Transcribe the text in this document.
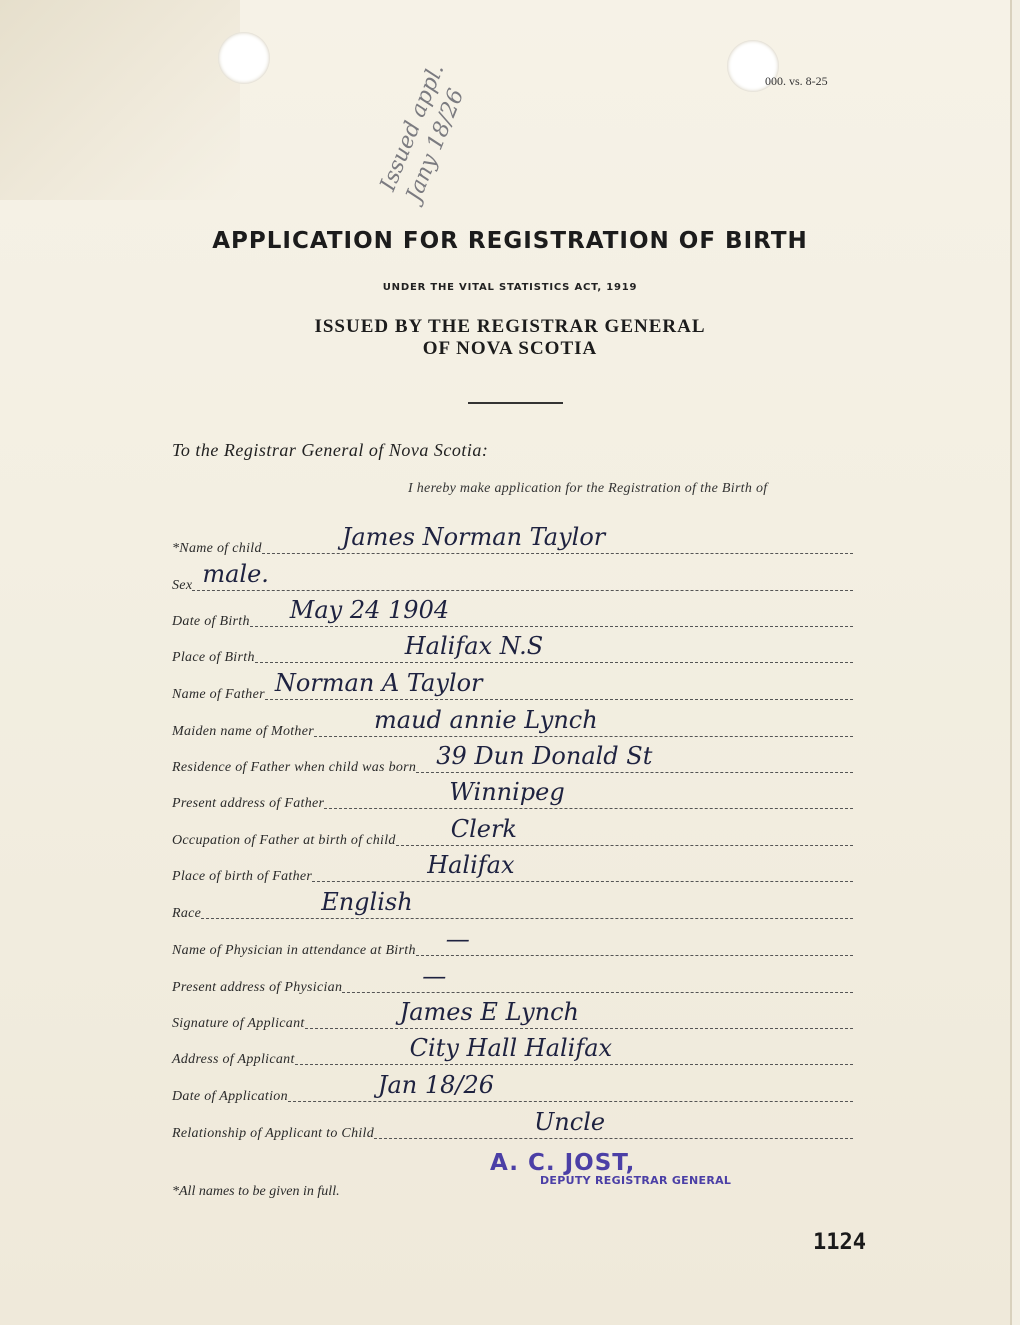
000. vs. 8-25
Issued appl. Jany 18/26
APPLICATION FOR REGISTRATION OF BIRTH
UNDER THE VITAL STATISTICS ACT, 1919
ISSUED BY THE REGISTRAR GENERAL
OF NOVA SCOTIA
To the Registrar General of Nova Scotia:
I hereby make application for the Registration of the Birth of
*Name of child	James Norman Taylor
Sex male.
Date of Birth May 24 1904
Place of Birth	Halifax N.S
Name of Father Norman A Taylor
Maiden name of Mother	maud annie Lynch
Residence of Father when child was born 39 Dun Donald St
Present address of Father	Winnipeg
Occupation of Father at birth of child Clerk
Place of birth of Father	Halifax
Race	English
Name of Physician in attendance at Birth —
Present address of Physician	—
Signature of Applicant	James E Lynch
Address of Applicant	City Hall Halifax
Date of Application	Jan 18/26
Relationship of Applicant to Child	Uncle
A. C. JOST,
DEPUTY REGISTRAR GENERAL
*All names to be given in full.
1124
